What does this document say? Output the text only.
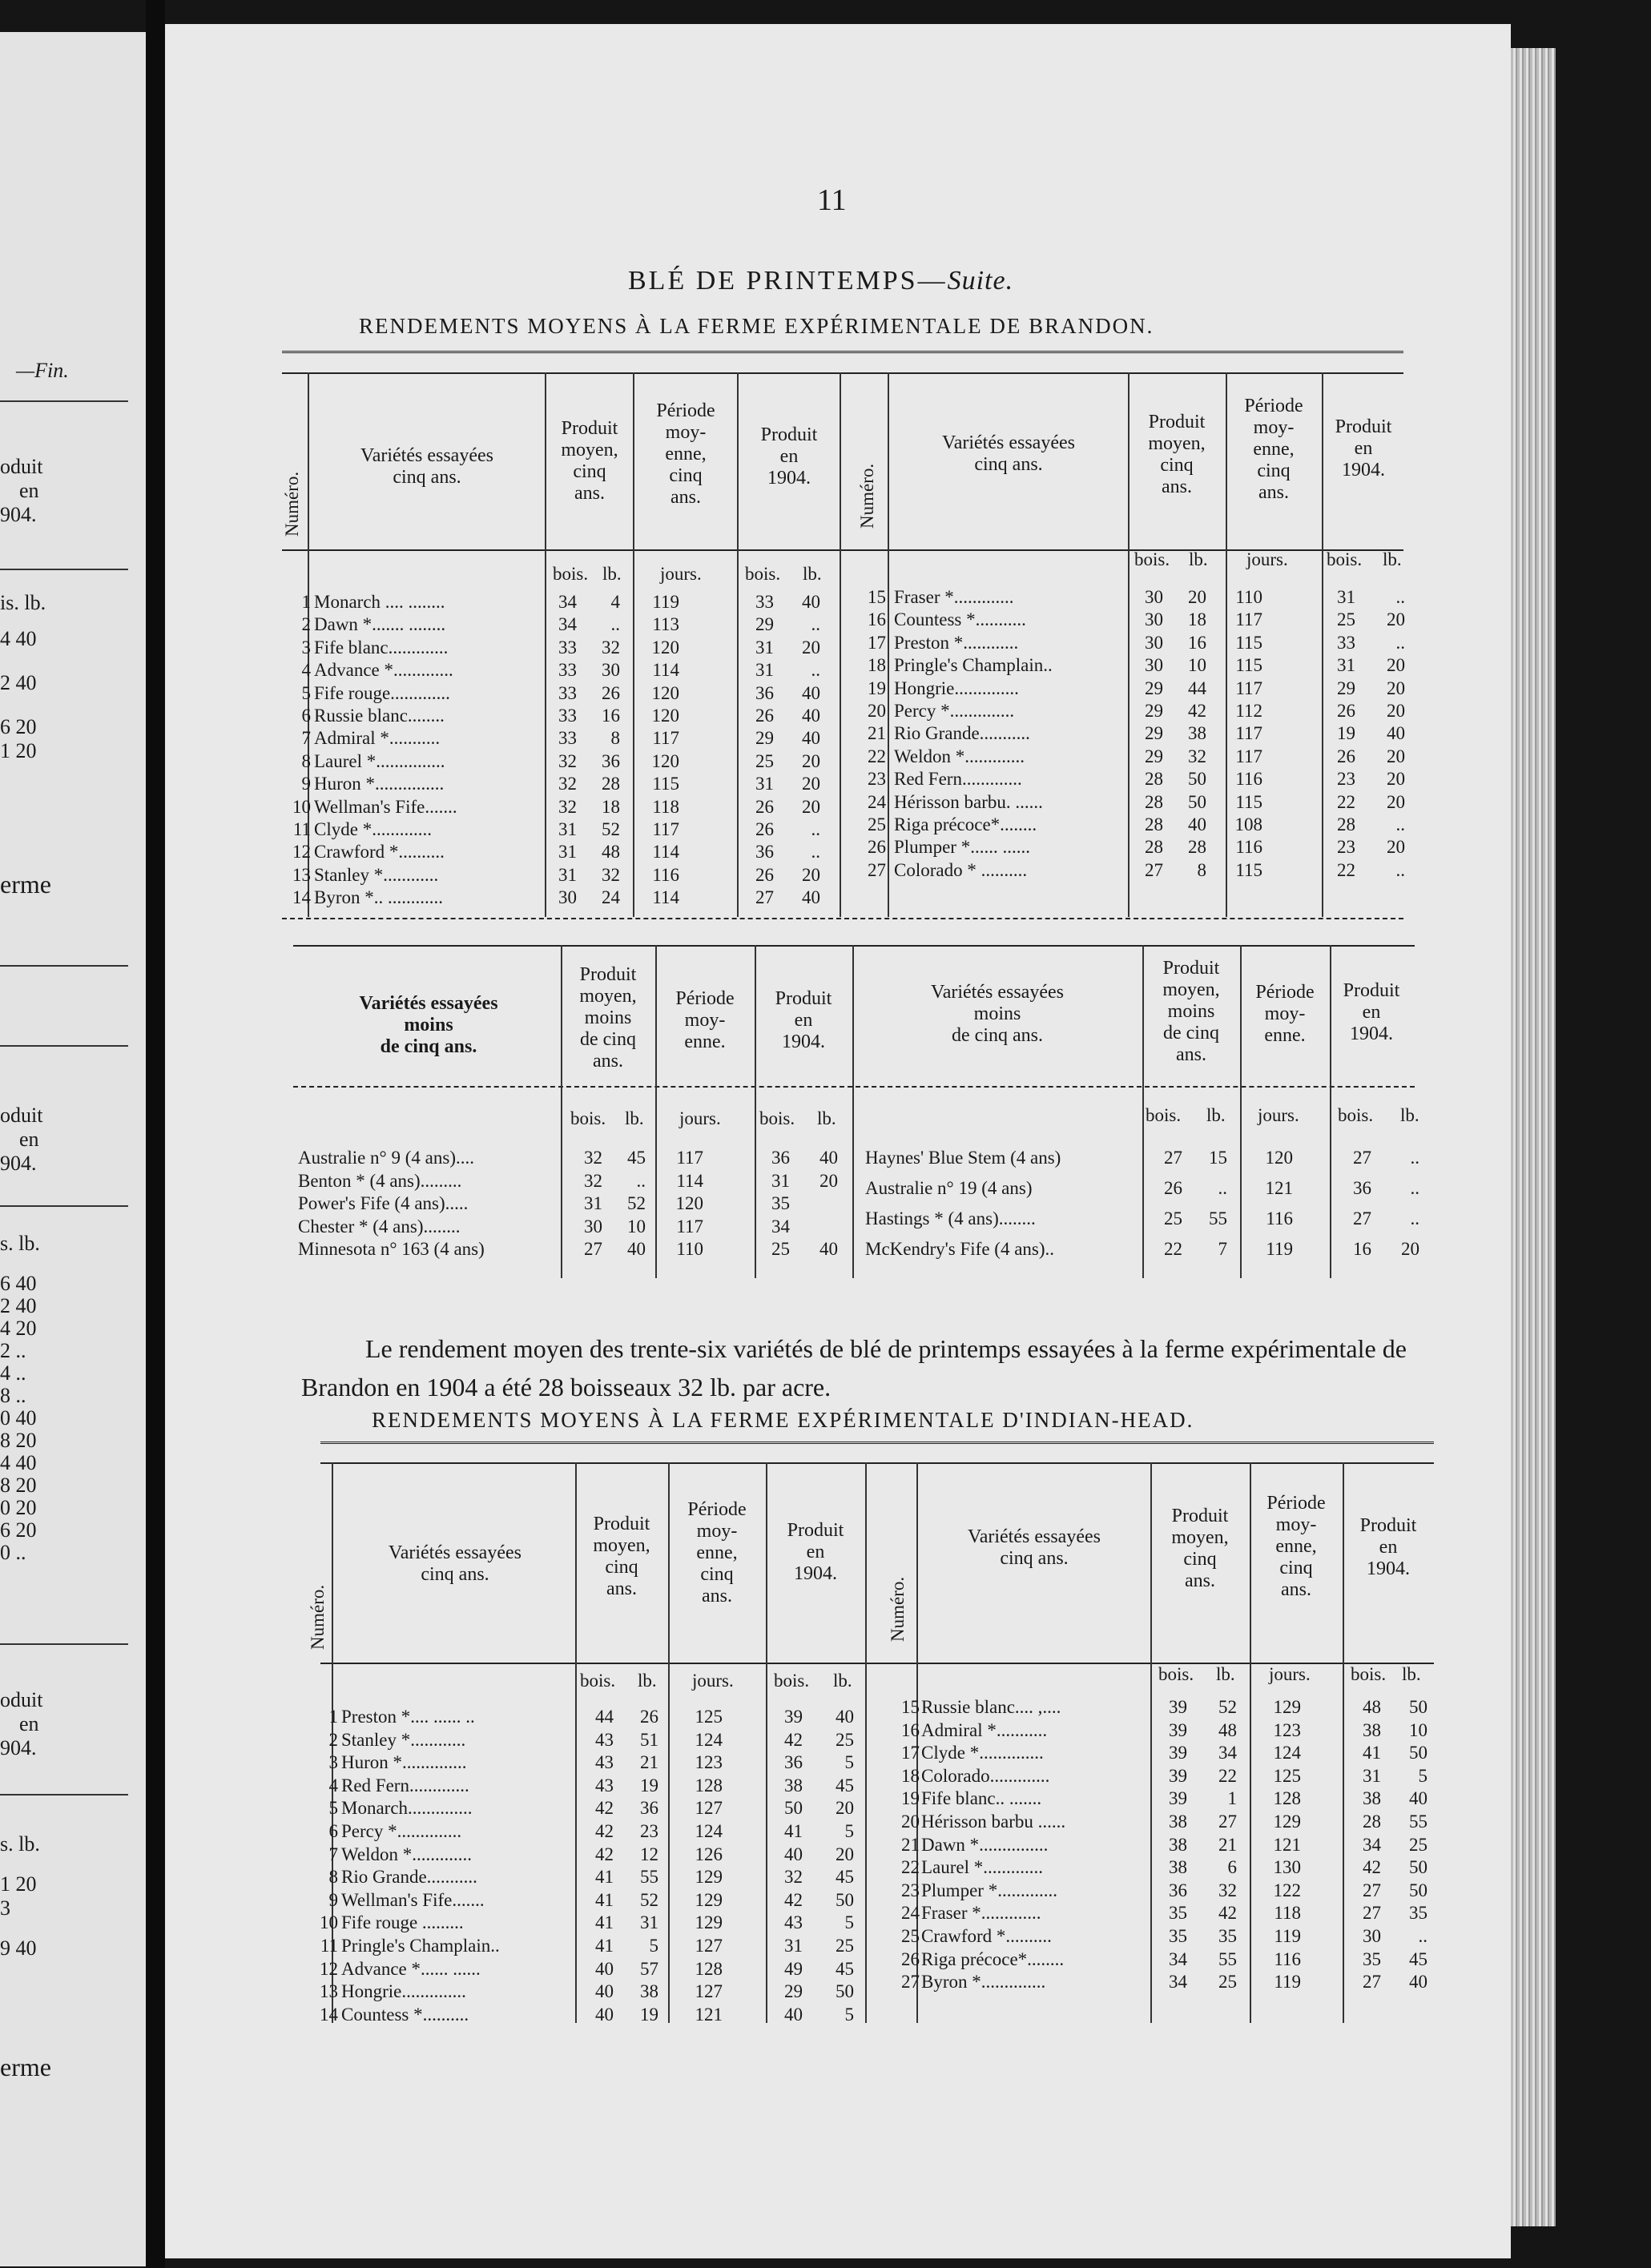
—Fin.
oduit
en
904.
is. lb.
4 40
2 40
6 20
1 20
erme
oduit
en
904.
s. lb.
6 40
2 40
4 20
2 ..
4 ..
8 ..
0 40
8 20
4 40
8 20
0 20
6 20
0 ..
oduit
en
904.
s. lb.
1 20
3
9 40
erme
11
BLÉ DE PRINTEMPS—Suite.
RENDEMENTS MOYENS À LA FERME EXPÉRIMENTALE DE BRANDON.
Numéro.
Variétés essayées
cinq ans.
Produit
moyen,
cinq
ans.
Période
moy-
enne,
cinq
ans.
Produit
en
1904.	Numéro.
Variétés essayées
cinq ans.
Produit
moyen,
cinq
ans.
Période
moy-
enne,
cinq
ans.
Produit
en
1904.
bois. lb. jours. bois. lb.
bois. lb. jours. bois. lb.
1 Monarch .... ........	34	4 119	33	40
2 Dawn *....... ........	34	.. 113	29	..
3 Fife blanc.............	33	32 120	31	20
4 Advance *.............	33	30 114	31	..
5 Fife rouge.............	33	26 120	36	40
6 Russie blanc........	33	16 120	26	40
7 Admiral *...........	33	8 117	29	40
8 Laurel *...............	32	36 120	25	20
9 Huron *...............	32	28 115	31	20
10 Wellman's Fife.......	32	18 118	26	20
11 Clyde *.............	31	52 117	26	..
12 Crawford *..........	31	48 114	36	..
13 Stanley *............	31	32 116	26	20
14 Byron *.. ............	30	24 114	27	40
15 Fraser *.............	30	20 110	31	..
16 Countess *...........	30	18 117	25	20
17 Preston *............	30	16 115	33	..
18 Pringle's Champlain..	30	10 115	31	20
19 Hongrie..............	29	44 117	29	20
20 Percy *..............	29	42 112	26	20
21 Rio Grande...........	29	38 117	19	40
22 Weldon *.............	29	32 117	26	20
23 Red Fern.............	28	50 116	23	20
24 Hérisson barbu. ......	28	50 115	22	20
25 Riga précoce*........	28	40 108	28	..
26 Plumper *...... ......	28	28 116	23	20
27 Colorado * ..........	27	8 115	22	..
Variétés essayées
moins
de cinq ans.
Produit
moyen,
moins
de cinq
ans.
Période
moy-
enne.
Produit
en
1904.
Variétés essayées
moins
de cinq ans.
Produit
moyen,
moins
de cinq
ans.
Période
moy-
enne.
Produit
en
1904.
bois. lb. jours. bois. lb.	bois. lb. jours. bois. lb.
Australie n° 9 (4 ans)....	32	45 117	36	40
Benton * (4 ans).........	32	.. 114	31	20
Power's Fife (4 ans).....	31	52 120	35
Chester * (4 ans)........	30	10 117	34
Minnesota n° 163 (4 ans)	27	40 110	25	40
Haynes' Blue Stem (4 ans)	27	15 120	27	..
Australie n° 19 (4 ans)	26	.. 121	36	..
Hastings * (4 ans)........	25	55 116	27	..
McKendry's Fife (4 ans)..	22	7 119	16	20
Le rendement moyen des trente-six variétés de blé de printemps essayées à la ferme expérimentale de Brandon en 1904 a été 28 boisseaux 32 lb. par acre.
RENDEMENTS MOYENS À LA FERME EXPÉRIMENTALE D'INDIAN-HEAD.
Numéro.
Variétés essayées
cinq ans.
Produit
moyen,
cinq
ans.
Période
moy-
enne,
cinq
ans.
Produit
en
1904.
Numéro.
Variétés essayées
cinq ans.
Produit
moyen,
cinq
ans.
Période
moy-
enne,
cinq
ans.
Produit
en
1904.
bois. lb. jours. bois. lb.	bois. lb. jours. bois. lb.
1 Preston *.... ...... ..	44	26 125	39	40
2 Stanley *............	43	51 124	42	25
3 Huron *..............	43	21 123	36	5
4 Red Fern.............	43	19 128	38	45
5 Monarch..............	42	36 127	50	20
6 Percy *..............	42	23 124	41	5
7 Weldon *.............	42	12 126	40	20
8 Rio Grande...........	41	55 129	32	45
9 Wellman's Fife.......	41	52 129	42	50
10 Fife rouge .........	41	31 129	43	5
11 Pringle's Champlain..	41	5 127	31	25
12 Advance *...... ......	40	57 128	49	45
13 Hongrie..............	40	38 127	29	50
14 Countess *..........	40	19 121	40	5
15 Russie blanc.... ,....	39	52 129	48	50
16 Admiral *...........	39	48 123	38	10
17 Clyde *..............	39	34 124	41	50
18 Colorado.............	39	22 125	31	5
19 Fife blanc.. .......	39	1 128	38	40
20 Hérisson barbu ......	38	27 129	28	55
21 Dawn *...............	38	21 121	34	25
22 Laurel *.............	38	6 130	42	50
23 Plumper *.............	36	32 122	27	50
24 Fraser *.............	35	42 118	27	35
25 Crawford *..........	35	35 119	30	..
26 Riga précoce*........	34	55 116	35	45
27 Byron *..............	34	25 119	27	40
